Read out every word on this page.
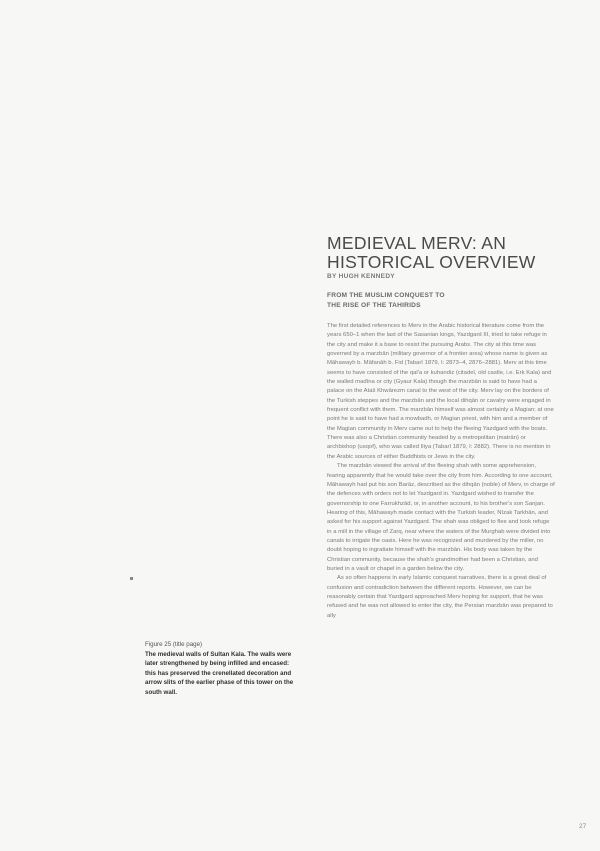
MEDIEVAL MERV: AN HISTORICAL OVERVIEW
BY HUGH KENNEDY
FROM THE MUSLIM CONQUEST TO
THE RISE OF THE TAHIRIDS

The first detailed references to Merv in the Arabic historical literature come from the years 650–1 when the last of the Sasanian kings, Yazdgard III, tried to take refuge in the city and make it a base to resist the pursuing Arabs. The city at this time was governed by a marzbān (military governor of a frontier area) whose name is given as Māhawayh b. Māfanāh b. Fid (Tabarī 1879, I: 2873–4, 2876–2881). Merv at this time seems to have consisted of the qal'a or kuhandiz (citadel, old castle, i.e. Erk Kala) and the walled madīna or city (Gyaur Kala) though the marzbān is said to have had a palace on the Ataš Khwārezm canal to the west of the city. Merv lay on the borders of the Turkish steppes and the marzbān and the local dihqān or cavalry were engaged in frequent conflict with them. The marzbān himself was almost certainly a Magian; at one point he is said to have had a mowbadh, or Magian priest, with him and a member of the Magian community in Merv came out to help the fleeing Yazdgard with the boats. There was also a Christian community headed by a metropolitan (matrān) or archbishop (usqof), who was called Iliya (Tabarī 1879, I: 2882). There is no mention in the Arabic sources of either Buddhists or Jews in the city.

The marzbān viewed the arrival of the fleeing shah with some apprehension, fearing apparently that he would take over the city from him. According to one account, Māhawayh had put his son Barāz, described as the dihqān (noble) of Merv, in charge of the defences with orders not to let Yazdgard in. Yazdgard wished to transfer the governorship to one Farrukhzād, or, in another account, to his brother's son Sanjan. Hearing of this, Māhawayh made contact with the Turkish leader, Nīzak Tarkhān, and asked for his support against Yazdgard. The shah was obliged to flee and took refuge in a mill in the village of Zarq, near where the waters of the Murghab were divided into canals to irrigate the oasis. Here he was recognized and murdered by the miller, no doubt hoping to ingratiate himself with the marzbān. His body was taken by the Christian community, because the shah's grandmother had been a Christian, and buried in a vault or chapel in a garden below the city.

As so often happens in early Islamic conquest narratives, there is a great deal of confusion and contradiction between the different reports. However, we can be reasonably certain that Yazdgard approached Merv hoping for support, that he was refused and he was not allowed to enter the city, the Persian marzbān was prepared to ally

Figure 25 (title page)
The medieval walls of Sultan Kala. The walls were later strengthened by being infilled and encased: this has preserved the crenellated decoration and arrow slits of the earlier phase of this tower on the south wall.
27
